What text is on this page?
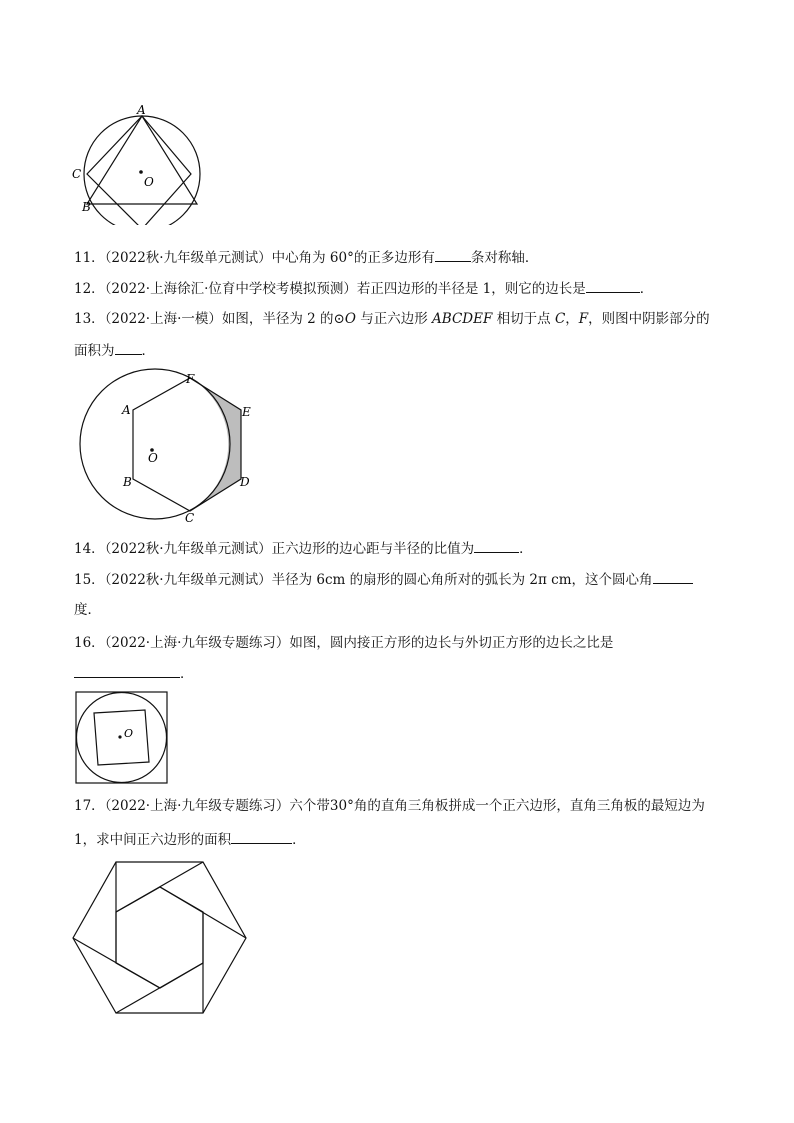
A
C
B
O
11．（2022秋·九年级单元测试）中心角为 60°的正多边形有	条对称轴．
12．（2022·上海徐汇·位育中学校考模拟预测）若正四边形的半径是 1，则它的边长是	．
13．（2022·上海·一模）如图，半径为 2 的⊙O 与正六边形 ABCDEF 相切于点 C，F，则图中阴影部分的
面积为 ．
F
A	E
O
B	D
C
14．（2022秋·九年级单元测试）正六边形的边心距与半径的比值为	．
15．（2022秋·九年级单元测试）半径为 6cm 的扇形的圆心角所对的弧长为 2π cm，这个圆心角
度．
16．（2022·上海·九年级专题练习）如图，圆内接正方形的边长与外切正方形的边长之比是
．
O
17．（2022·上海·九年级专题练习）六个带30°角的直角三角板拼成一个正六边形，直角三角板的最短边为
1，求中间正六边形的面积	．
